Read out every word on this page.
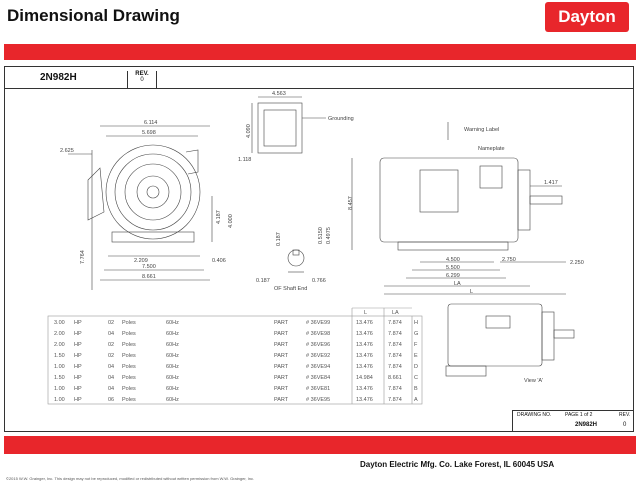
Dimensional Drawing	Dayton
2N982H	REV.
0
4.563
4.090
1.118
Grounding
6.114
5.698
2.625
4.187 4.000
7.764	2.209
7.500
8.661
0.406
0.187	0.5150 0.4975
0.187	0.766
OF Shaft End
8.457
Warning Label
Nameplate
1.417
4.500
5.500
6.299
2.750	2.250
LA
L
View 'A'
L	LA
3.00 HP	02 Poles	60Hz	PART	# 36VE99	13.476	7.874 H
2.00 HP	04 Poles	60Hz	PART	# 36VE98	13.476	7.874 G
2.00 HP	02 Poles	60Hz	PART	# 36VE96	13.476	7.874 F
1.50 HP	02 Poles	60Hz	PART	# 36VE92	13.476	7.874 E
1.00 HP	04 Poles	60Hz	PART	# 36VE94	13.476	7.874 D
1.50 HP	04 Poles	60Hz	PART	# 36VE84	14.984	8.661 C
1.00 HP	04 Poles	60Hz	PART	# 36VE81	13.476	7.874 B
1.00 HP	06 Poles	60Hz	PART	# 36VE95	13.476	7.874 A
DRAWING NO.	PAGE 1 of 2	REV.
2N982H	0
Dayton Electric Mfg. Co. Lake Forest, IL 60045 USA
©2015 W.W. Grainger, Inc. This design may not be reproduced, modified or redistributed without written permission from W.W. Grainger, Inc.
